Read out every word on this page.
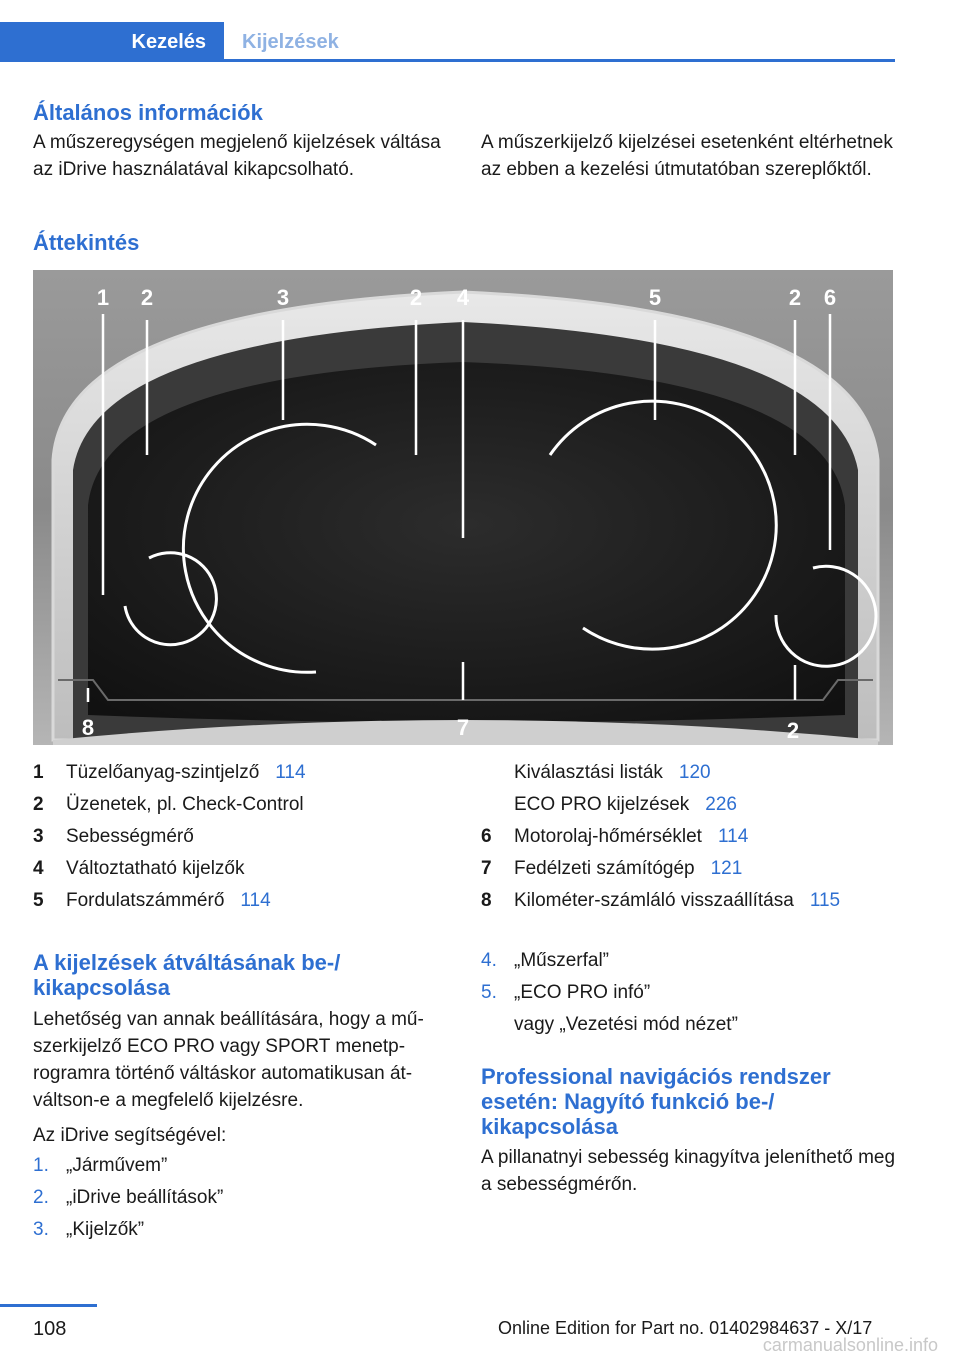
Kezelés	Kijelzések
Általános információk
A műszeregységen megjelenő kijelzések váltása az iDrive használatával kikapcsolható.
A műszerkijelző kijelzései esetenként eltérhetnek az ebben a kezelési útmutatóban szereplőktől.
Áttekintés
1 2	3	2 4	5	2 6
8	7	2
1	Tüzelőanyag-szintjelző 114
2	Üzenetek, pl. Check-Control
3	Sebességmérő
4	Változtatható kijelzők
5	Fordulatszámmérő 114
Kiválasztási listák 120
ECO PRO kijelzések 226
6	Motorolaj-hőmérséklet 114
7	Fedélzeti számítógép 121
8	Kilométer-számláló visszaállítása 115
A kijelzések átváltásának be-/ kikapcsolása
Lehetőség van annak beállítására, hogy a műszerkijelző ECO PRO vagy SPORT menetprogramra történő váltáskor automatikusan átváltson-e a megfelelő kijelzésre.
Az iDrive segítségével:
1. „Járművem”
2. „iDrive beállítások”
3. „Kijelzők”
4. „Műszerfal”
5. „ECO PRO infó”
vagy „Vezetési mód nézet”
Professional navigációs rendszer esetén: Nagyító funkció be-/ kikapcsolása
A pillanatnyi sebesség kinagyítva jeleníthető meg a sebességmérőn.
108	Online Edition for Part no. 01402984637 - X/17
carmanualsonline.info
